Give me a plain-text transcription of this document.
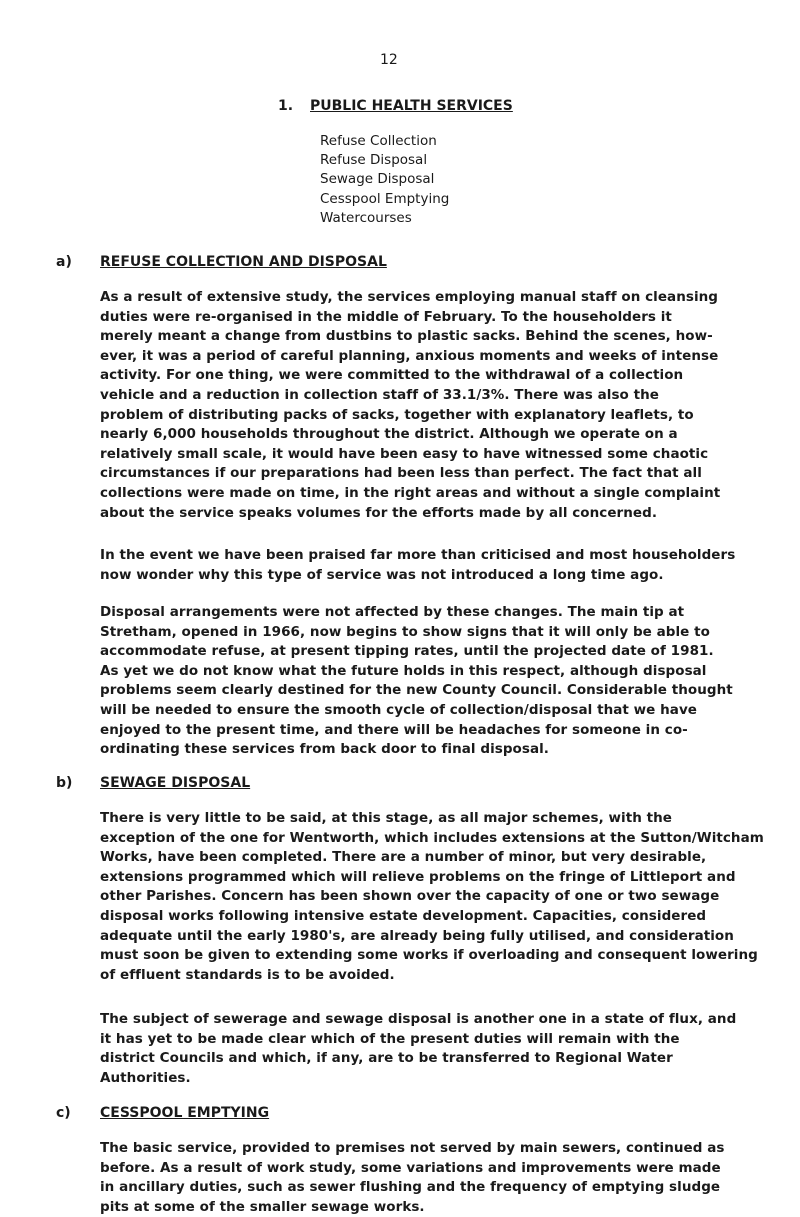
12
1. PUBLIC HEALTH SERVICES
Refuse Collection
Refuse Disposal
Sewage Disposal
Cesspool Emptying
Watercourses
a) REFUSE COLLECTION AND DISPOSAL
As a result of extensive study, the services employing manual staff on cleansing
duties were re-organised in the middle of February. To the householders it
merely meant a change from dustbins to plastic sacks. Behind the scenes, how-
ever, it was a period of careful planning, anxious moments and weeks of intense
activity. For one thing, we were committed to the withdrawal of a collection
vehicle and a reduction in collection staff of 33.1/3%. There was also the
problem of distributing packs of sacks, together with explanatory leaflets, to
nearly 6,000 households throughout the district. Although we operate on a
relatively small scale, it would have been easy to have witnessed some chaotic
circumstances if our preparations had been less than perfect. The fact that all
collections were made on time, in the right areas and without a single complaint
about the service speaks volumes for the efforts made by all concerned.
In the event we have been praised far more than criticised and most householders
now wonder why this type of service was not introduced a long time ago.
Disposal arrangements were not affected by these changes. The main tip at
Stretham, opened in 1966, now begins to show signs that it will only be able to
accommodate refuse, at present tipping rates, until the projected date of 1981.
As yet we do not know what the future holds in this respect, although disposal
problems seem clearly destined for the new County Council. Considerable thought
will be needed to ensure the smooth cycle of collection/disposal that we have
enjoyed to the present time, and there will be headaches for someone in co-
ordinating these services from back door to final disposal.
b) SEWAGE DISPOSAL
There is very little to be said, at this stage, as all major schemes, with the
exception of the one for Wentworth, which includes extensions at the Sutton/Witcham
Works, have been completed. There are a number of minor, but very desirable,
extensions programmed which will relieve problems on the fringe of Littleport and
other Parishes. Concern has been shown over the capacity of one or two sewage
disposal works following intensive estate development. Capacities, considered
adequate until the early 1980's, are already being fully utilised, and consideration
must soon be given to extending some works if overloading and consequent lowering
of effluent standards is to be avoided.
The subject of sewerage and sewage disposal is another one in a state of flux, and
it has yet to be made clear which of the present duties will remain with the
district Councils and which, if any, are to be transferred to Regional Water
Authorities.
c) CESSPOOL EMPTYING
The basic service, provided to premises not served by main sewers, continued as
before. As a result of work study, some variations and improvements were made
in ancillary duties, such as sewer flushing and the frequency of emptying sludge
pits at some of the smaller sewage works.
